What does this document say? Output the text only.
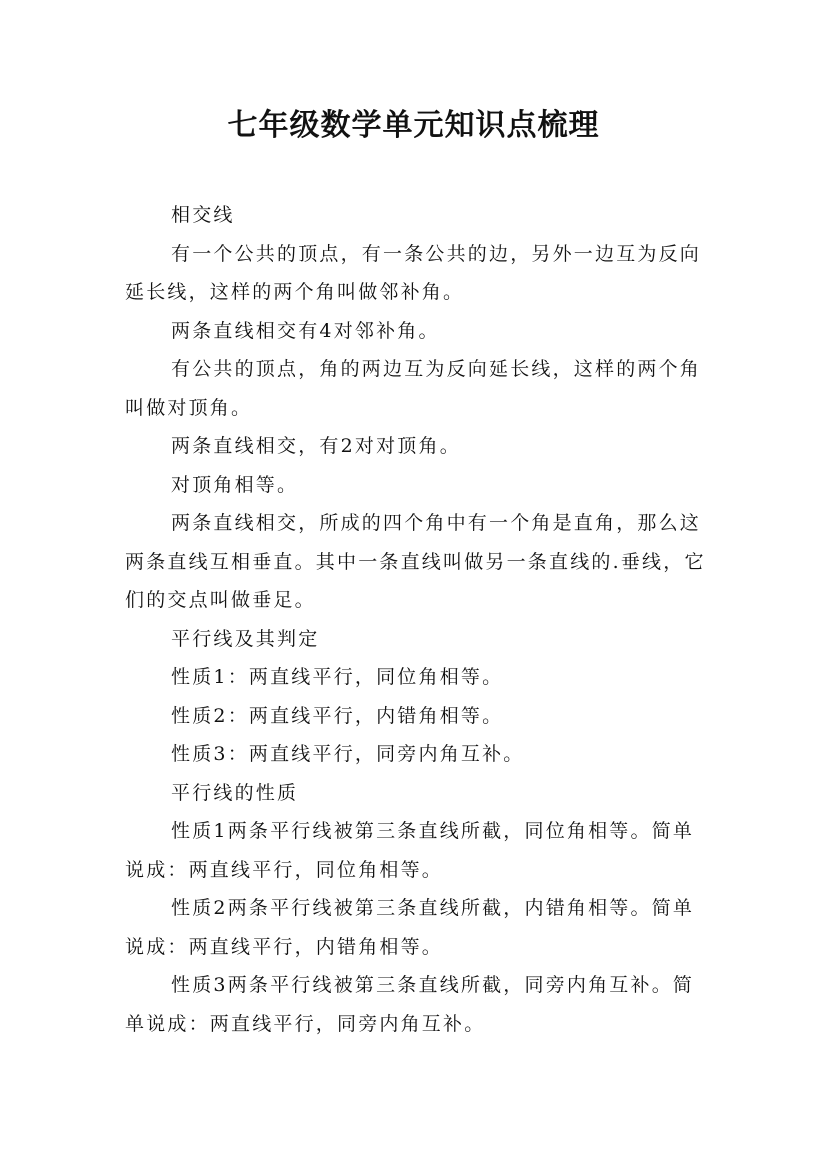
七年级数学单元知识点梳理

相交线

有一个公共的顶点，有一条公共的边，另外一边互为反向延长线，这样的两个角叫做邻补角。

两条直线相交有4对邻补角。

有公共的顶点，角的两边互为反向延长线，这样的两个角叫做对顶角。

两条直线相交，有2对对顶角。

对顶角相等。

两条直线相交，所成的四个角中有一个角是直角，那么这两条直线互相垂直。其中一条直线叫做另一条直线的.垂线，它们的交点叫做垂足。

平行线及其判定

性质1：两直线平行，同位角相等。

性质2：两直线平行，内错角相等。

性质3：两直线平行，同旁内角互补。

平行线的性质

性质1两条平行线被第三条直线所截，同位角相等。简单说成：两直线平行，同位角相等。

性质2两条平行线被第三条直线所截，内错角相等。简单说成：两直线平行，内错角相等。

性质3两条平行线被第三条直线所截，同旁内角互补。简单说成：两直线平行，同旁内角互补。
